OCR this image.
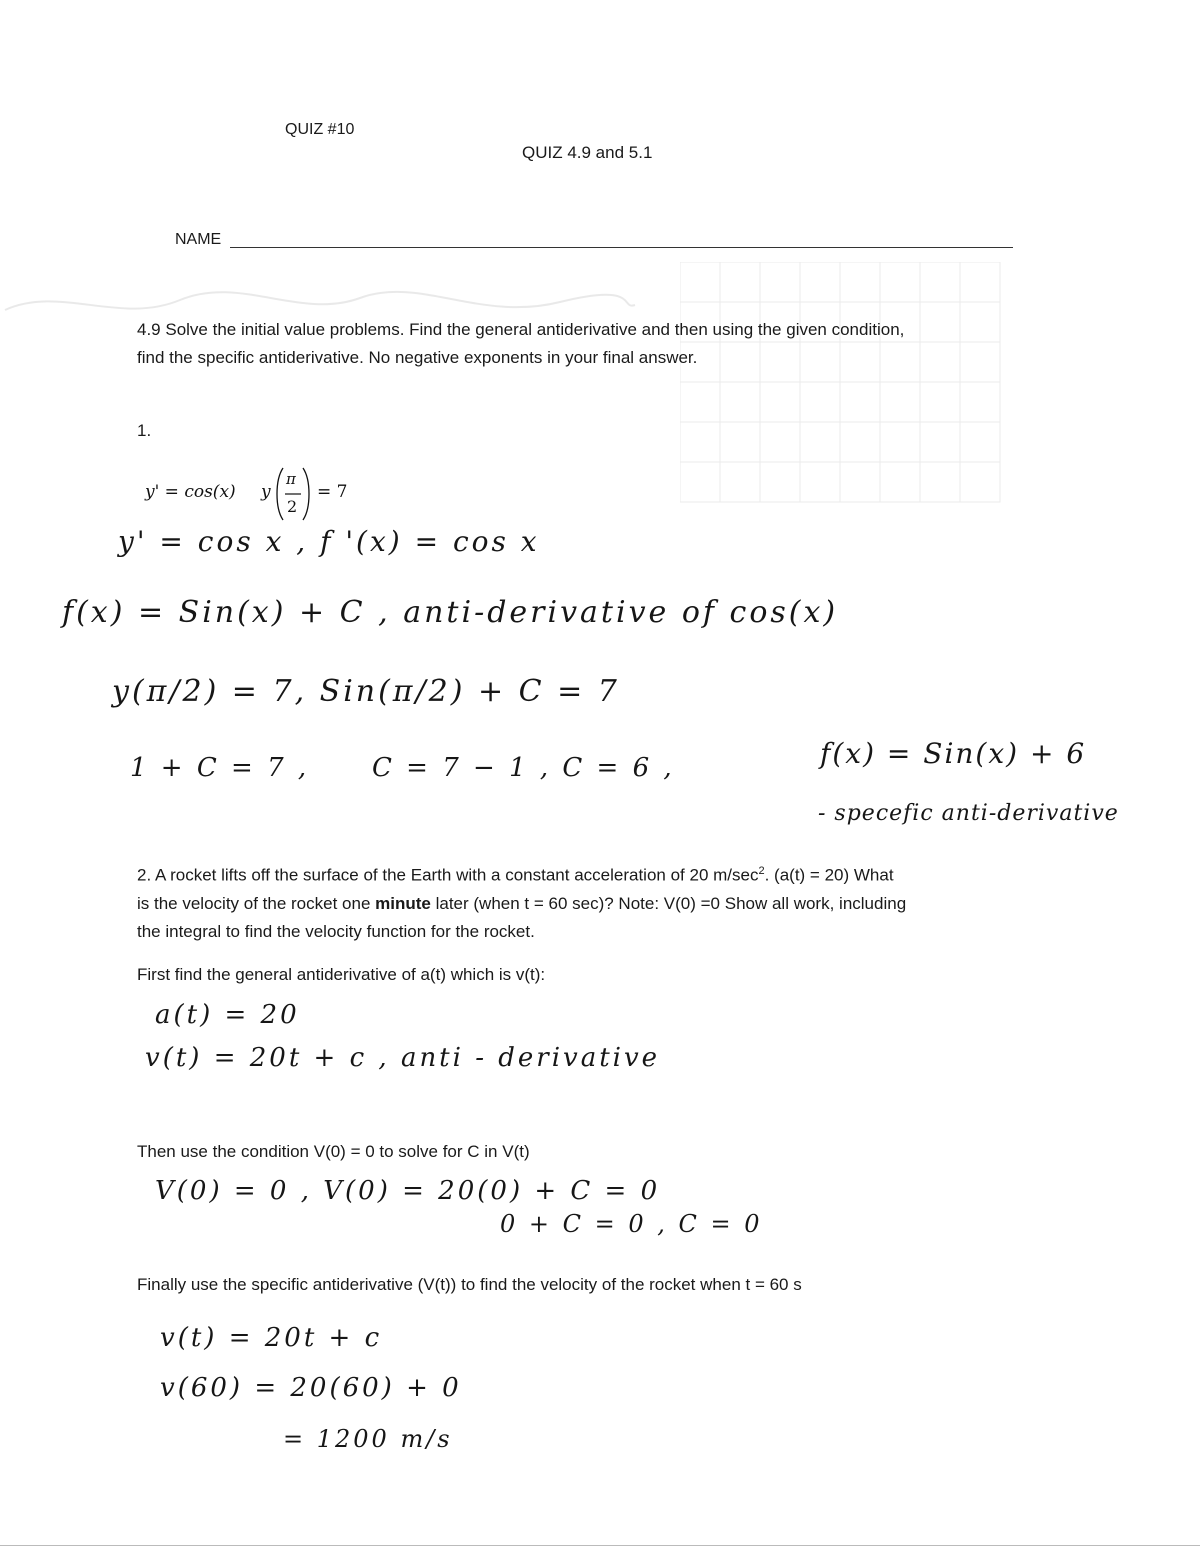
QUIZ #10
QUIZ 4.9 and 5.1
NAME
4.9 Solve the initial value problems. Find the general antiderivative and then using the given condition,
find the specific antiderivative. No negative exponents in your final answer.
1.
y' = cos(x) y
π
2
= 7
y' = cos x , f '(x) = cos x
f(x) = Sin(x) + C , anti-derivative of cos(x)
y(π/2) = 7, Sin(π/2) + C = 7
1 + C = 7 , C = 7 − 1 , C = 6 ,	f(x) = Sin(x) + 6
- specefic anti-derivative
2. A rocket lifts off the surface of the Earth with a constant acceleration of 20 $m/\sec^2$. (a(t) = 20) What
is the velocity of the rocket one minute later (when t = 60 sec)? Note: V(0) =0 Show all work, including
the integral to find the velocity function for the rocket.
First find the general antiderivative of a(t) which is v(t):
a(t) = 20
v(t) = 20t + c , anti - derivative
Then use the condition V(0) = 0 to solve for C in V(t)
V(0) = 0 , V(0) = 20(0) + C = 0
0 + C = 0 , C = 0
Finally use the specific antiderivative (V(t)) to find the velocity of the rocket when t = 60 s
v(t) = 20t + c
v(60) = 20(60) + 0
= 1200 m/s
